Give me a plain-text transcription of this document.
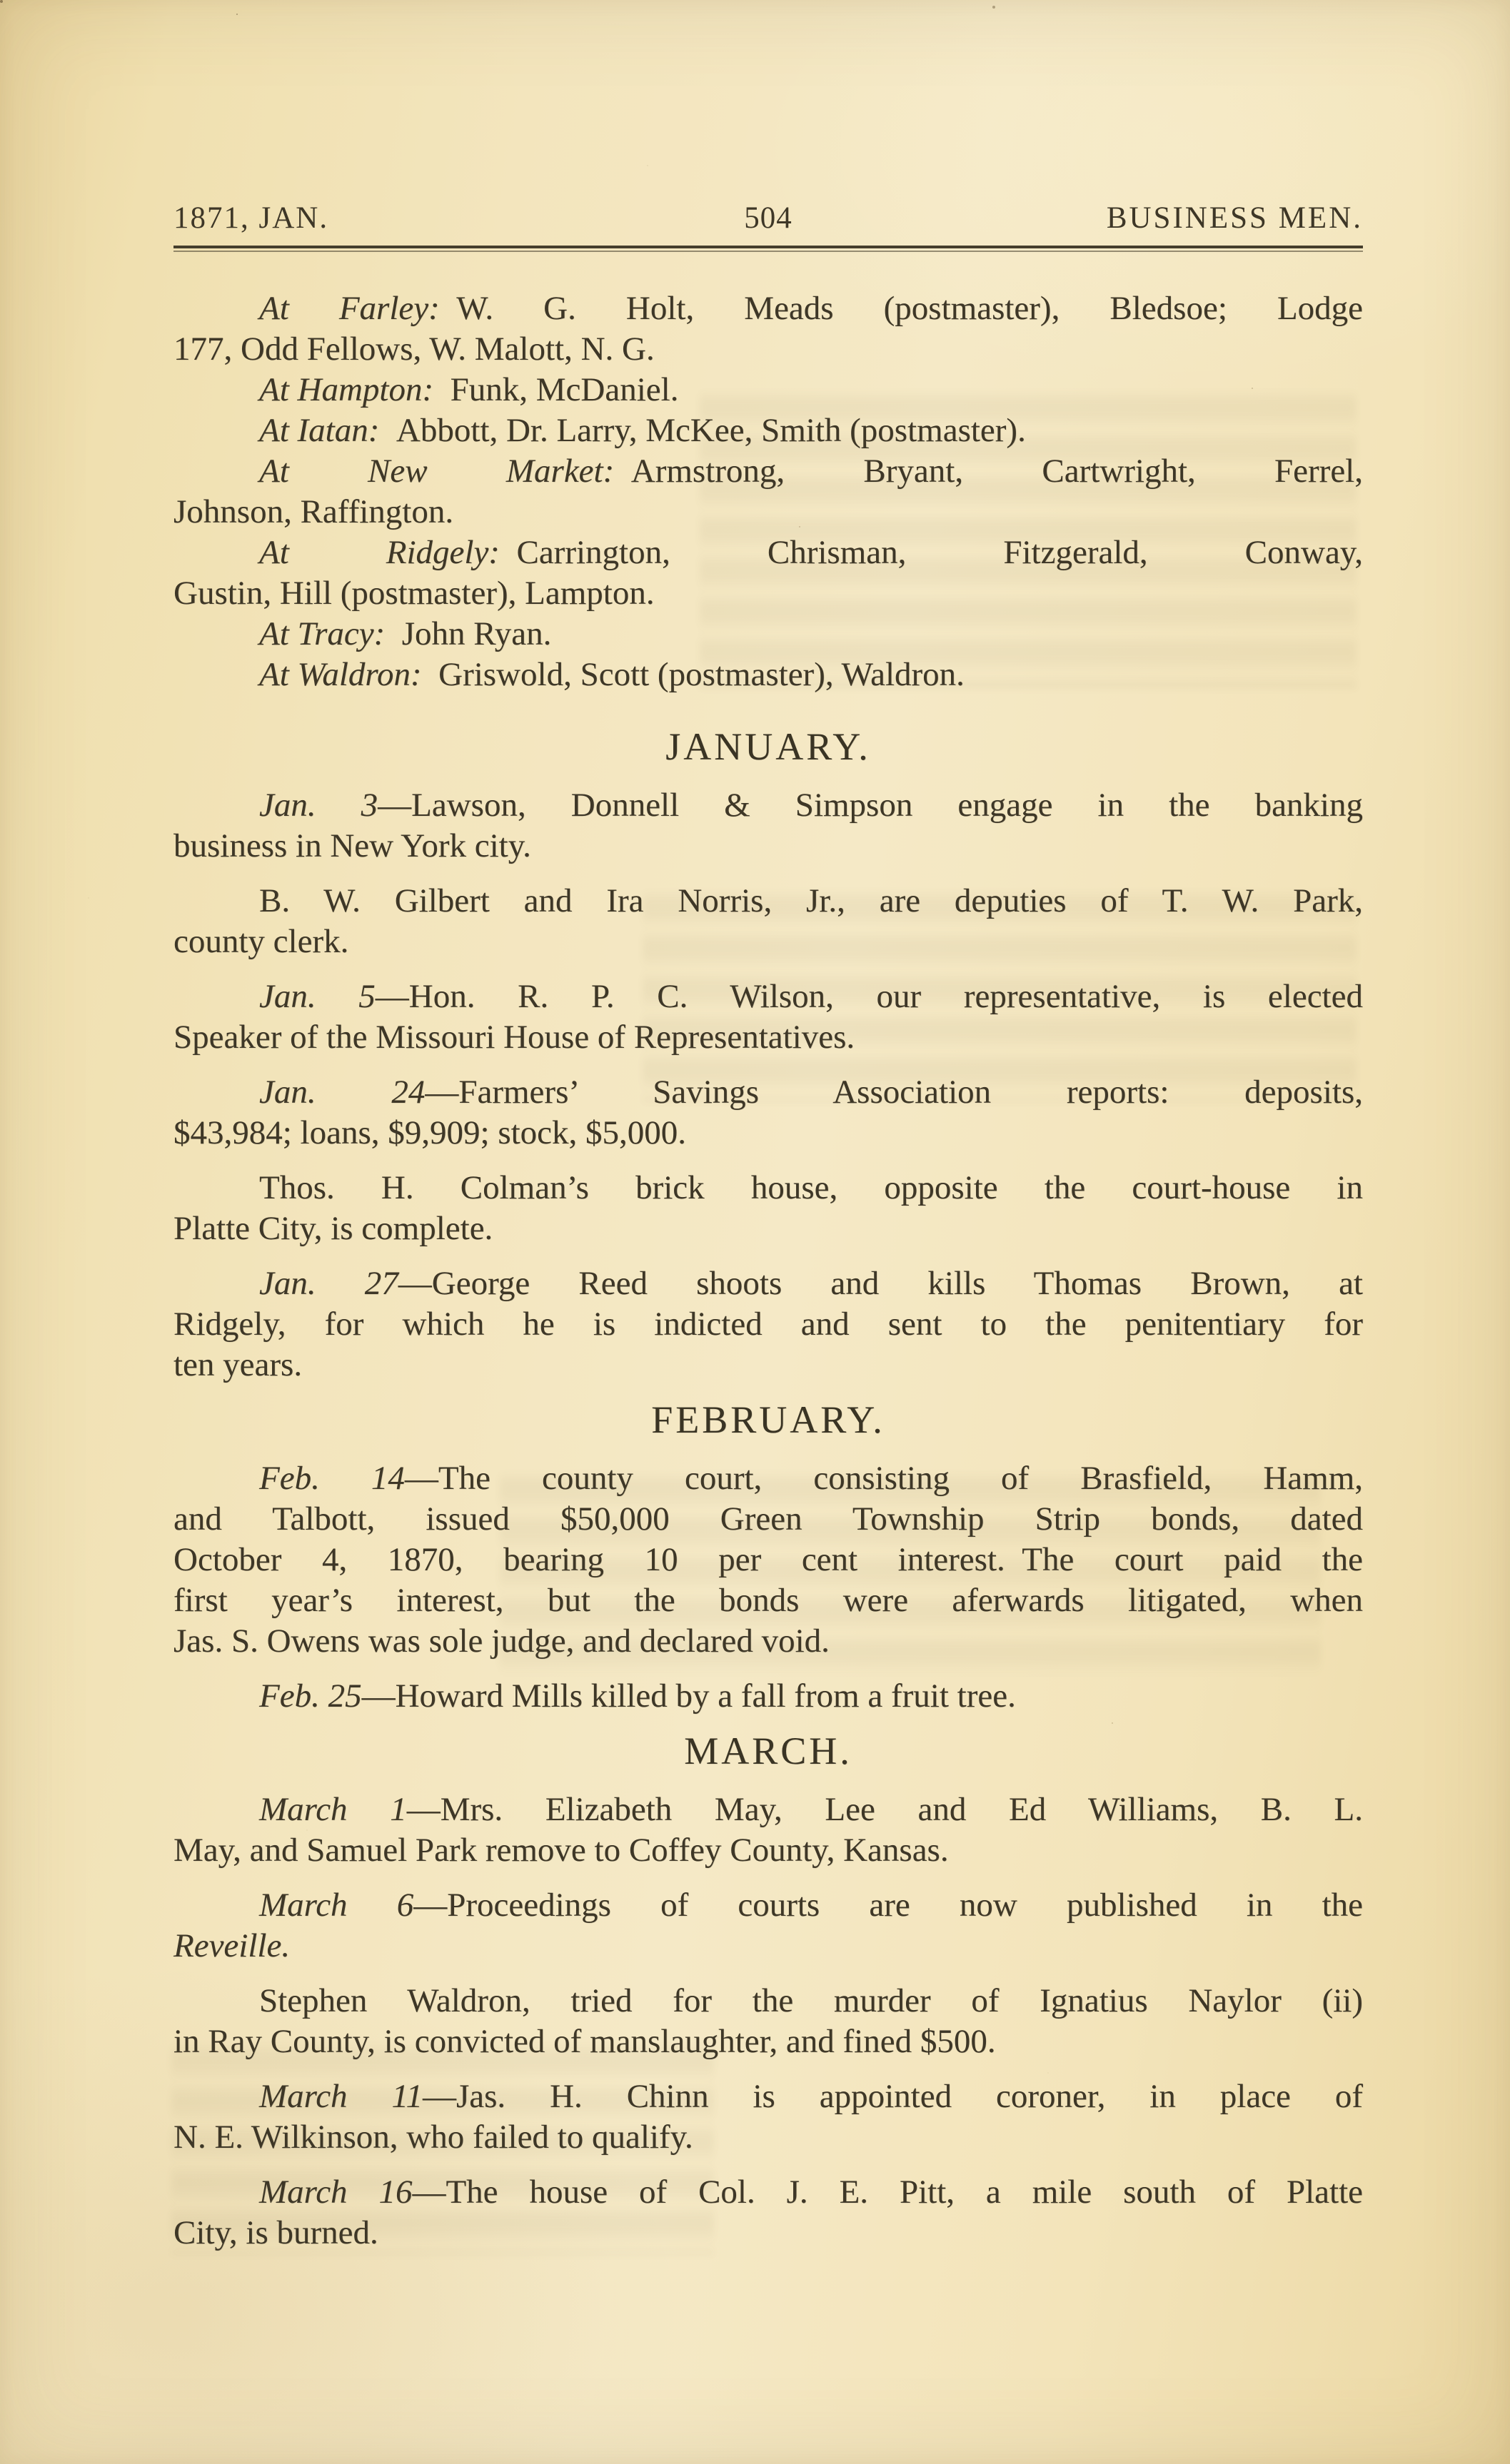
1871, JAN.	504	BUSINESS MEN.

At Farley: W. G. Holt, Meads (postmaster), Bledsoe; Lodge
177, Odd Fellows, W. Malott, N. G.

At Hampton: Funk, McDaniel.

At Iatan: Abbott, Dr. Larry, McKee, Smith (postmaster).

At New Market: Armstrong, Bryant, Cartwright, Ferrel,
Johnson, Raffington.

At Ridgely: Carrington, Chrisman, Fitzgerald, Conway,
Gustin, Hill (postmaster), Lampton.

At Tracy: John Ryan.

At Waldron: Griswold, Scott (postmaster), Waldron.

JANUARY.

Jan. 3—Lawson, Donnell & Simpson engage in the banking
business in New York city.

B. W. Gilbert and Ira Norris, Jr., are deputies of T. W. Park,
county clerk.

Jan. 5—Hon. R. P. C. Wilson, our representative, is elected
Speaker of the Missouri House of Representatives.

Jan. 24—Farmers’ Savings Association reports: deposits,
$43,984; loans, $9,909; stock, $5,000.

Thos. H. Colman’s brick house, opposite the court-house in
Platte City, is complete.

Jan. 27—George Reed shoots and kills Thomas Brown, at
Ridgely, for which he is indicted and sent to the penitentiary for
ten years.

FEBRUARY.

Feb. 14—The county court, consisting of Brasfield, Hamm,
and Talbott, issued $50,000 Green Township Strip bonds, dated
October 4, 1870, bearing 10 per cent interest. The court paid the
first year’s interest, but the bonds were aferwards litigated, when
Jas. S. Owens was sole judge, and declared void.

Feb. 25—Howard Mills killed by a fall from a fruit tree.

MARCH.

March 1—Mrs. Elizabeth May, Lee and Ed Williams, B. L.
May, and Samuel Park remove to Coffey County, Kansas.

March 6—Proceedings of courts are now published in the
Reveille.

Stephen Waldron, tried for the murder of Ignatius Naylor (ii)
in Ray County, is convicted of manslaughter, and fined $500.

March 11—Jas. H. Chinn is appointed coroner, in place of
N. E. Wilkinson, who failed to qualify.

March 16—The house of Col. J. E. Pitt, a mile south of Platte
City, is burned.
